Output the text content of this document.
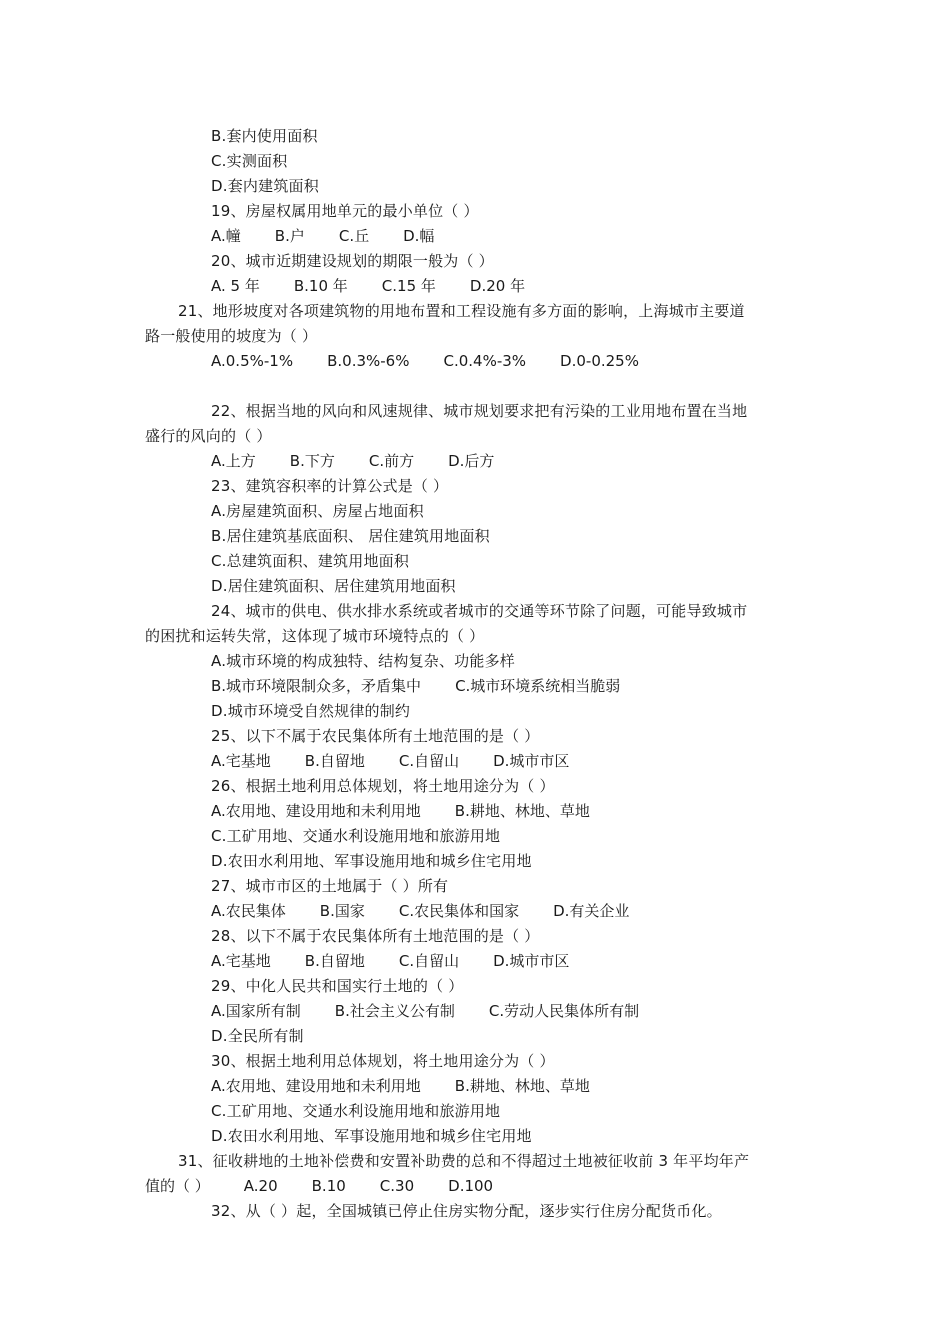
B.套内使用面积
C.实测面积
D.套内建筑面积
19、房屋权属用地单元的最小单位（ ）
A.幢 B.户 C.丘 D.幅
20、城市近期建设规划的期限一般为（ ）
A. 5 年 B.10 年 C.15 年 D.20 年
21、地形坡度对各项建筑物的用地布置和工程设施有多方面的影响，上海城市主要道
路一般使用的坡度为（ ）
A.0.5%-1% B.0.3%-6% C.0.4%-3% D.0-0.25%
22、根据当地的风向和风速规律、城市规划要求把有污染的工业用地布置在当地
盛行的风向的（ ）
A.上方 B.下方 C.前方 D.后方
23、建筑容积率的计算公式是（ ）
A.房屋建筑面积、房屋占地面积
B.居住建筑基底面积、 居住建筑用地面积
C.总建筑面积、建筑用地面积
D.居住建筑面积、居住建筑用地面积
24、城市的供电、供水排水系统或者城市的交通等环节除了问题，可能导致城市
的困扰和运转失常，这体现了城市环境特点的（ ）
A.城市环境的构成独特、结构复杂、功能多样
B.城市环境限制众多，矛盾集中 C.城市环境系统相当脆弱
D.城市环境受自然规律的制约
25、以下不属于农民集体所有土地范围的是（ ）
A.宅基地 B.自留地 C.自留山 D.城市市区
26、根据土地利用总体规划，将土地用途分为（ ）
A.农用地、建设用地和未利用地 B.耕地、林地、草地
C.工矿用地、交通水利设施用地和旅游用地
D.农田水利用地、军事设施用地和城乡住宅用地
27、城市市区的土地属于（ ）所有
A.农民集体 B.国家 C.农民集体和国家 D.有关企业
28、以下不属于农民集体所有土地范围的是（ ）
A.宅基地 B.自留地 C.自留山 D.城市市区
29、中化人民共和国实行土地的（ ）
A.国家所有制 B.社会主义公有制 C.劳动人民集体所有制
D.全民所有制
30、根据土地利用总体规划，将土地用途分为（ ）
A.农用地、建设用地和未利用地 B.耕地、林地、草地
C.工矿用地、交通水利设施用地和旅游用地
D.农田水利用地、军事设施用地和城乡住宅用地
31、征收耕地的土地补偿费和安置补助费的总和不得超过土地被征收前 3 年平均年产
值的（ ） A.20 B.10 C.30 D.100
32、从（ ）起，全国城镇已停止住房实物分配，逐步实行住房分配货币化。
